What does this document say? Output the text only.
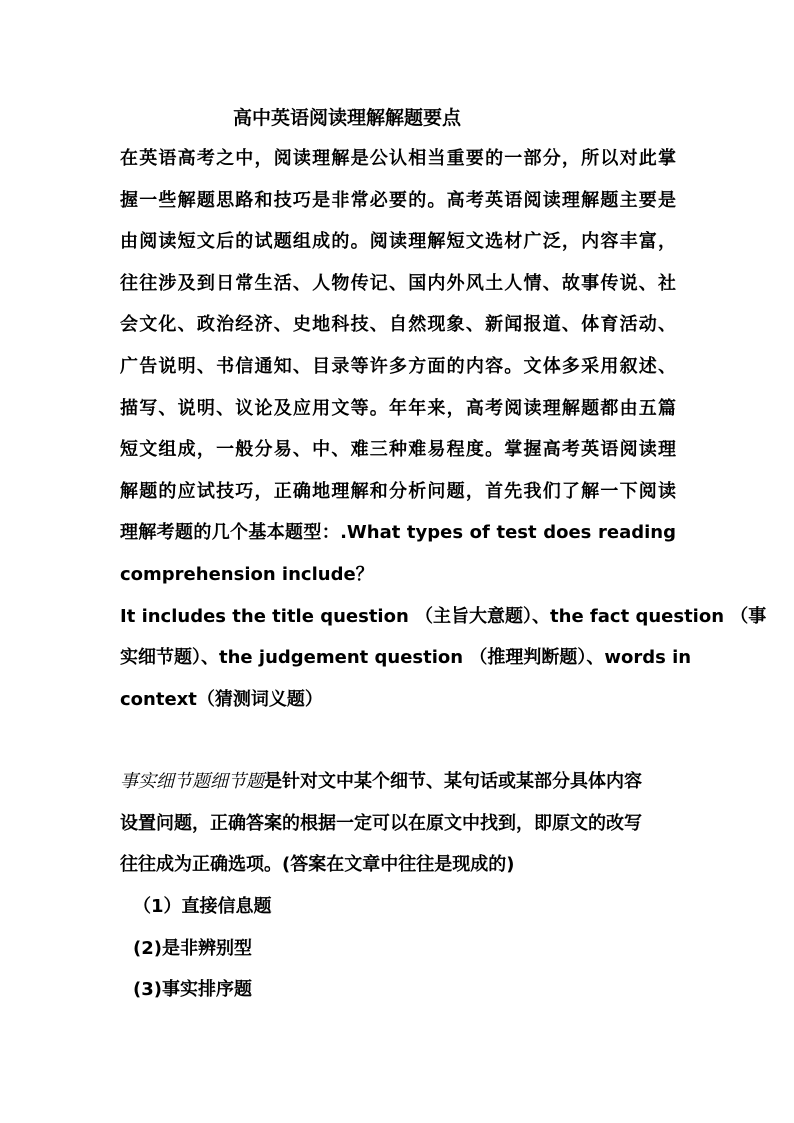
高中英语阅读理解解题要点
在英语高考之中，阅读理解是公认相当重要的一部分，所以对此掌
握一些解题思路和技巧是非常必要的。高考英语阅读理解题主要是
由阅读短文后的试题组成的。阅读理解短文选材广泛，内容丰富，
往往涉及到日常生活、人物传记、国内外风土人情、故事传说、社
会文化、政治经济、史地科技、自然现象、新闻报道、体育活动、
广告说明、书信通知、目录等许多方面的内容。文体多采用叙述、
描写、说明、议论及应用文等。年年来，高考阅读理解题都由五篇
短文组成，一般分易、中、难三种难易程度。掌握高考英语阅读理
解题的应试技巧，正确地理解和分析问题，首先我们了解一下阅读
理解考题的几个基本题型：.What types of test does reading
comprehension include？
It includes the title question （主旨大意题）、the fact question （事
实细节题）、the judgement question （推理判断题）、words in
context（猜测词义题）
事实细节题细节题是针对文中某个细节、某句话或某部分具体内容
设置问题，正确答案的根据一定可以在原文中找到，即原文的改写
往往成为正确选项。(答案在文章中往往是现成的)
（1）直接信息题
(2)是非辨别型
(3)事实排序题
